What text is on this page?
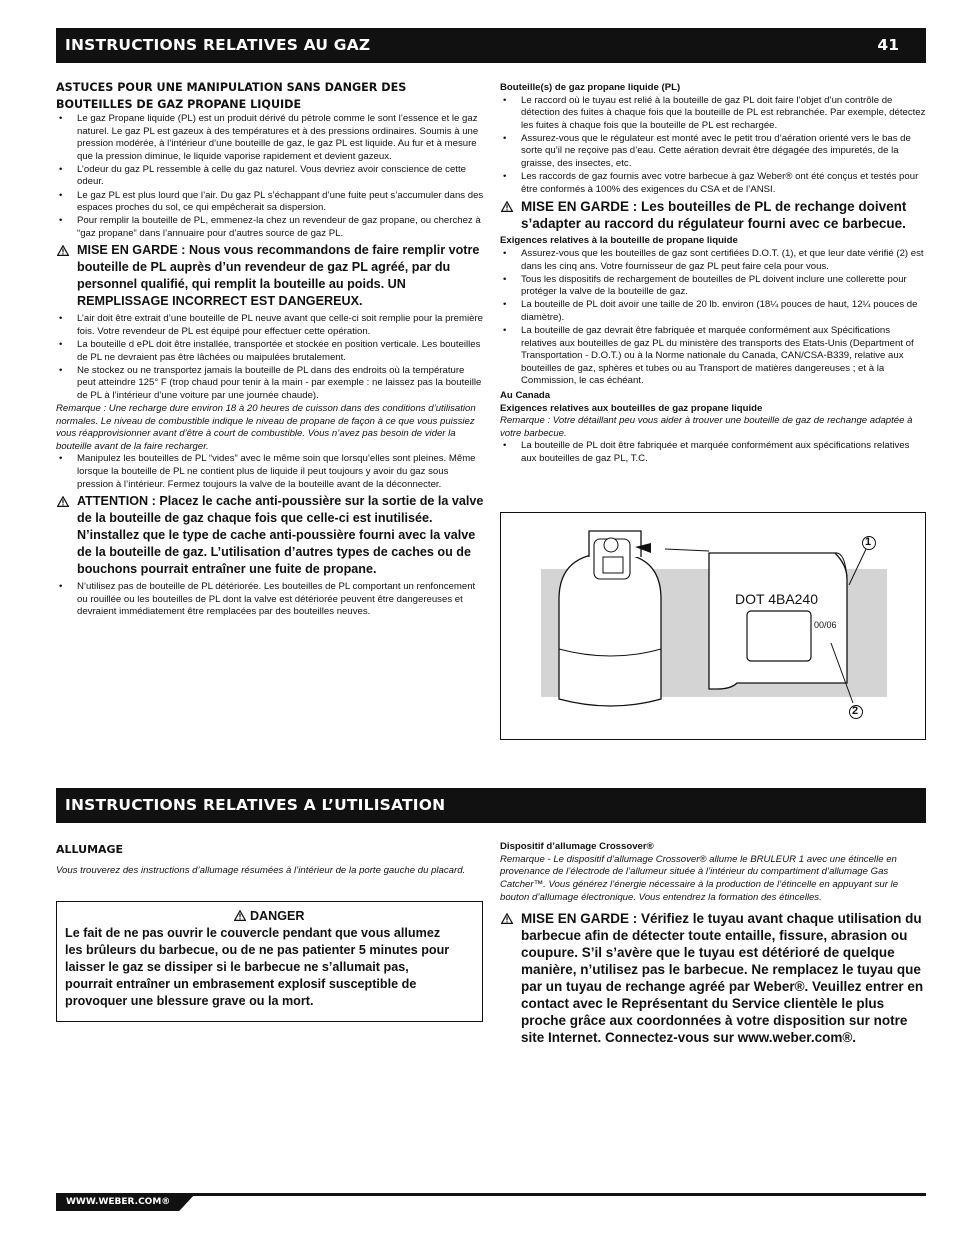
INSTRUCTIONS RELATIVES AU GAZ	41

ASTUCES POUR UNE MANIPULATION SANS DANGER DES BOUTEILLES DE GAZ PROPANE LIQUIDE

• Le gaz Propane liquide (PL) est un produit dérivé du pétrole comme le sont l’essence et le gaz naturel. Le gaz PL est gazeux à des températures et à des pressions ordinaires. Soumis à une pression modérée, à l’intérieur d’une bouteille de gaz, le gaz PL est liquide. Au fur et à mesure que la pression diminue, le liquide vaporise rapidement et devient gazeux.
• L’odeur du gaz PL ressemble à celle du gaz naturel. Vous devriez avoir conscience de cette odeur.
• Le gaz PL est plus lourd que l’air. Du gaz PL s’échappant d’une fuite peut s’accumuler dans des espaces proches du sol, ce qui empêcherait sa dispersion.
• Pour remplir la bouteille de PL, emmenez-la chez un revendeur de gaz propane, ou cherchez à “gaz propane” dans l’annuaire pour d’autres source de gaz PL.
MISE EN GARDE : Nous vous recommandons de faire remplir votre bouteille de PL auprès d’un revendeur de gaz PL agréé, par du personnel qualifié, qui remplit la bouteille au poids. UN REMPLISSAGE INCORRECT EST DANGEREUX.
• L’air doit être extrait d’une bouteille de PL neuve avant que celle-ci soit remplie pour la première fois. Votre revendeur de PL est équipé pour effectuer cette opération.
• La bouteille d ePL doit être installée, transportée et stockée en position verticale. Les bouteilles de PL ne devraient pas être lâchées ou maipulées brutalement.
• Ne stockez ou ne transportez jamais la bouteille de PL dans des endroits où la température peut atteindre 125° F (trop chaud pour tenir à la main - par exemple : ne laissez pas la bouteille de PL à l’intérieur d’une voiture par une journée chaude).

Remarque : Une recharge dure environ 18 à 20 heures de cuisson dans des conditions d’utilisation normales. Le niveau de combustible indique le niveau de propane de façon à ce que vous puissiez vous réapprovisionner avant d’être à court de combustible. Vous n’avez pas besoin de vider la bouteille avant de la faire recharger.

• Manipulez les bouteilles de PL “vides” avec le même soin que lorsqu’elles sont pleines. Même lorsque la bouteille de PL ne contient plus de liquide il peut toujours y avoir du gaz sous pression à l’intérieur. Fermez toujours la valve de la bouteille avant de la déconnecter.
ATTENTION : Placez le cache anti-poussière sur la sortie de la valve de la bouteille de gaz chaque fois que celle-ci est inutilisée. N’installez que le type de cache anti-poussière fourni avec la valve de la bouteille de gaz. L’utilisation d’autres types de caches ou de bouchons pourrait entraîner une fuite de propane.
• N’utilisez pas de bouteille de PL détériorée. Les bouteilles de PL comportant un renfoncement ou rouillée ou les bouteilles de PL dont la valve est détériorée peuvent être dangereuses et devraient immédiatement être remplacées par des bouteilles neuves.

Bouteille(s) de gaz propane liquide (PL)

• Le raccord où le tuyau est relié à la bouteille de gaz PL doit faire l’objet d’un contrôle de détection des fuites à chaque fois que la bouteille de PL est rebranchée. Par exemple, détectez les fuites à chaque fois que la bouteille de PL est rechargée.
• Assurez-vous que le régulateur est monté avec le petit trou d’aération orienté vers le bas de sorte qu’il ne reçoive pas d’eau. Cette aération devrait être dégagée des impuretés, de la graisse, des insectes, etc.
• Les raccords de gaz fournis avec votre barbecue à gaz Weber® ont été conçus et testés pour être conformés à 100% des exigences du CSA et de l’ANSI.
MISE EN GARDE : Les bouteilles de PL de rechange doivent s’adapter au raccord du régulateur fourni avec ce barbecue.

Exigences relatives à la bouteille de propane liquide

• Assurez-vous que les bouteilles de gaz sont certifiées D.O.T. (1), et que leur date vérifié (2) est dans les cinq ans. Votre fournisseur de gaz PL peut faire cela pour vous.
• Tous les dispositifs de rechargement de bouteilles de PL doivent inclure une collerette pour protéger la valve de la bouteille de gaz.
• La bouteille de PL doit avoir une taille de 20 lb. environ (18¼ pouces de haut, 12¼ pouces de diamètre).
• La bouteille de gaz devrait être fabriquée et marquée conformément aux Spécifications relatives aux bouteilles de gaz PL du ministère des transports des Etats-Unis (Department of Transportation - D.O.T.) ou à la Norme nationale du Canada, CAN/CSA-B339, relative aux bouteilles de gaz, sphères et tubes ou au Transport de matières dangereuses ; et à la Commission, le cas échéant.

Au Canada

Exigences relatives aux bouteilles de gaz propane liquide

Remarque : Votre détaillant peu vous aider à trouver une bouteille de gaz de rechange adaptée à votre barbecue.

• La bouteille de PL doit être fabriquée et marquée conformément aux spécifications relatives aux bouteilles de gaz PL, T.C.
DOT 4BA240
00/06
1
2
INSTRUCTIONS RELATIVES A L’UTILISATION

ALLUMAGE

Vous trouverez des instructions d’allumage résumées à l’intérieur de la porte gauche du placard.

DANGER
Le fait de ne pas ouvrir le couvercle pendant que vous allumez les brûleurs du barbecue, ou de ne pas patienter 5 minutes pour laisser le gaz se dissiper si le barbecue ne s’allumait pas, pourrait entraîner un embrasement explosif susceptible de provoquer une blessure grave ou la mort.

Dispositif d’allumage Crossover®

Remarque - Le dispositif d’allumage Crossover® allume le BRULEUR 1 avec une étincelle en provenance de l’électrode de l’allumeur située à l’intérieur du compartiment d’allumage Gas Catcher™. Vous générez l’énergie nécessaire à la production de l’étincelle en appuyant sur le bouton d’allumage électronique. Vous entendrez la formation des étincelles.

MISE EN GARDE : Vérifiez le tuyau avant chaque utilisation du barbecue afin de détecter toute entaille, fissure, abrasion ou coupure. S’il s’avère que le tuyau est détérioré de quelque manière, n’utilisez pas le barbecue. Ne remplacez le tuyau que par un tuyau de rechange agréé par Weber®. Veuillez entrer en contact avec le Représentant du Service clientèle le plus proche grâce aux coordonnées à votre disposition sur notre site Internet. Connectez-vous sur www.weber.com®.
WWW.WEBER.COM®
